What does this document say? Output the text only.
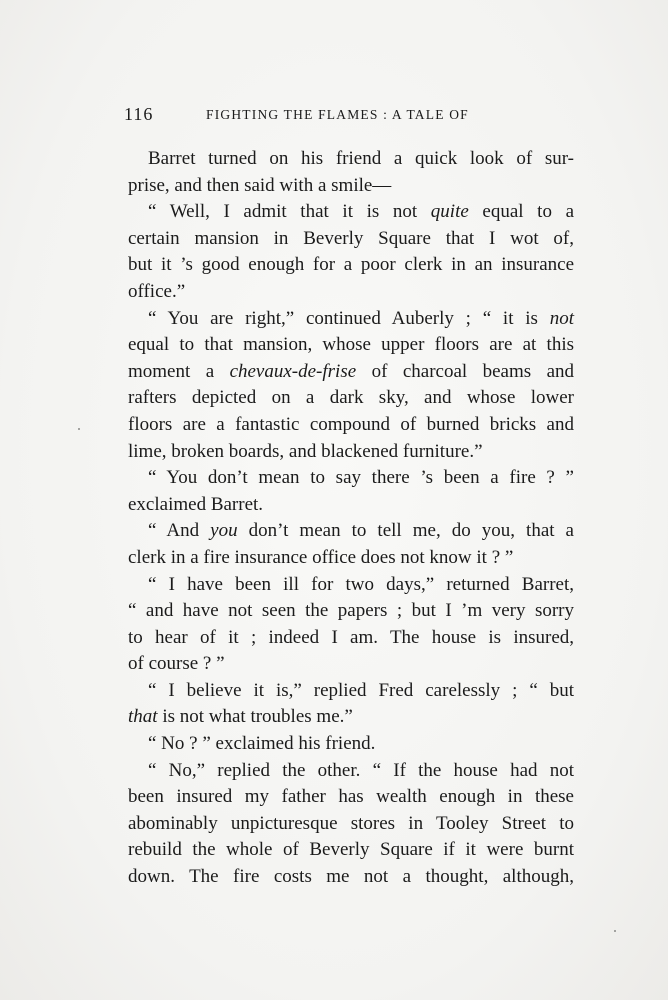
116	FIGHTING THE FLAMES : A TALE OF
Barret turned on his friend a quick look of sur-
prise, and then said with a smile—
“ Well, I admit that it is not quite equal to a
certain mansion in Beverly Square that I wot of,
but it ’s good enough for a poor clerk in an insurance
office.”
“ You are right,” continued Auberly ; “ it is not
equal to that mansion, whose upper floors are at this
moment a chevaux-de-frise of charcoal beams and
rafters depicted on a dark sky, and whose lower
floors are a fantastic compound of burned bricks and
lime, broken boards, and blackened furniture.”
“ You don’t mean to say there ’s been a fire ? ”
exclaimed Barret.
“ And you don’t mean to tell me, do you, that a
clerk in a fire insurance office does not know it ? ”
“ I have been ill for two days,” returned Barret,
“ and have not seen the papers ; but I ’m very sorry
to hear of it ; indeed I am. The house is insured,
of course ? ”
“ I believe it is,” replied Fred carelessly ; “ but
that is not what troubles me.”
“ No ? ” exclaimed his friend.
“ No,” replied the other. “ If the house had not
been insured my father has wealth enough in these
abominably unpicturesque stores in Tooley Street to
rebuild the whole of Beverly Square if it were burnt
down. The fire costs me not a thought, although,
